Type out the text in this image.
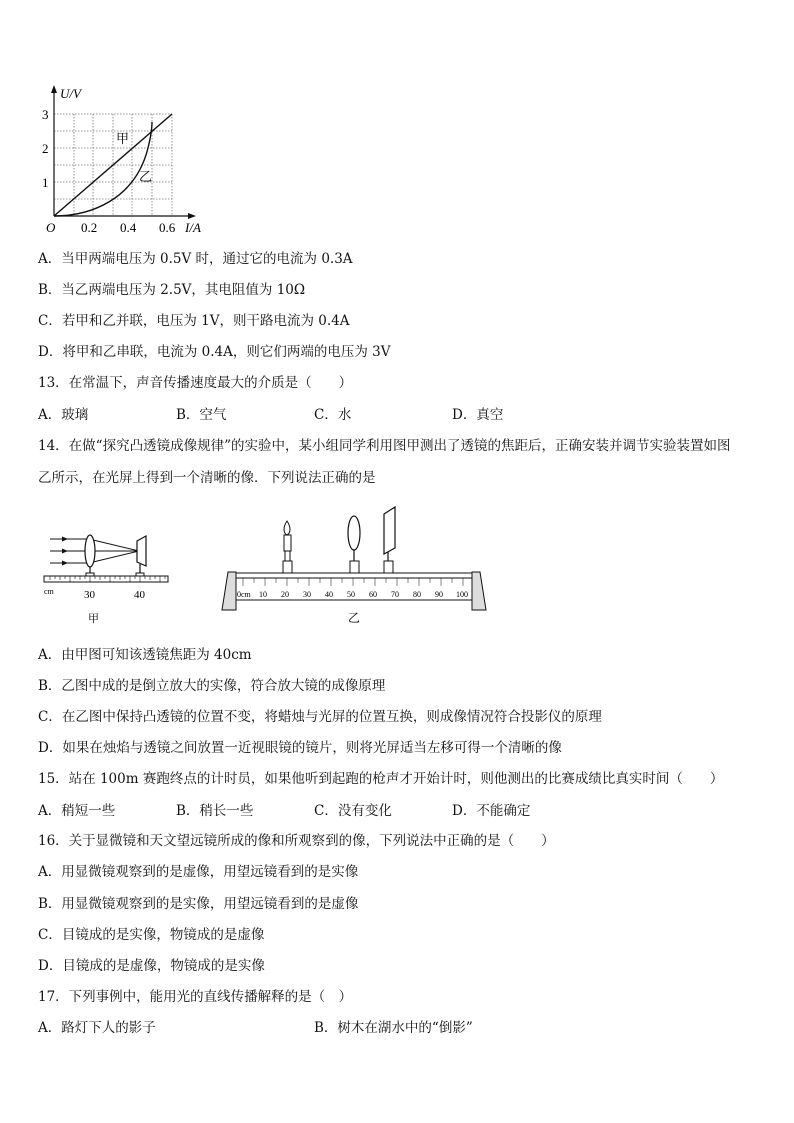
U/V
3
2
1
O 0.2 0.4 0.6 I/A
甲
乙
A．当甲两端电压为 0.5V 时，通过它的电流为 0.3A
B．当乙两端电压为 2.5V，其电阻值为 10Ω
C．若甲和乙并联，电压为 1V，则干路电流为 0.4A
D．将甲和乙串联，电流为 0.4A，则它们两端的电压为 3V
13．在常温下，声音传播速度最大的介质是（　　）
A．玻璃	B．空气	C．水	D．真空
14．在做“探究凸透镜成像规律”的实验中，某小组同学利用图甲测出了透镜的焦距后，正确安装并调节实验装置如图
乙所示，在光屏上得到一个清晰的像．下列说法正确的是
cm	30	40
甲
0cm 10 20 30 40 50 60 70 80 90 100
乙
A．由甲图可知该透镜焦距为 40cm
B．乙图中成的是倒立放大的实像，符合放大镜的成像原理
C．在乙图中保持凸透镜的位置不变，将蜡烛与光屏的位置互换，则成像情况符合投影仪的原理
D．如果在烛焰与透镜之间放置一近视眼镜的镜片，则将光屏适当左移可得一个清晰的像
15．站在 100m 赛跑终点的计时员，如果他听到起跑的枪声才开始计时，则他测出的比赛成绩比真实时间（　　）
A．稍短一些	B．稍长一些	C．没有变化	D．不能确定
16．关于显微镜和天文望远镜所成的像和所观察到的像，下列说法中正确的是（　　）
A．用显微镜观察到的是虚像，用望远镜看到的是实像
B．用显微镜观察到的是实像，用望远镜看到的是虚像
C．目镜成的是实像，物镜成的是虚像
D．目镜成的是虚像，物镜成的是实像
17．下列事例中，能用光的直线传播解释的是（　）
A．路灯下人的影子	B．树木在湖水中的“倒影”
